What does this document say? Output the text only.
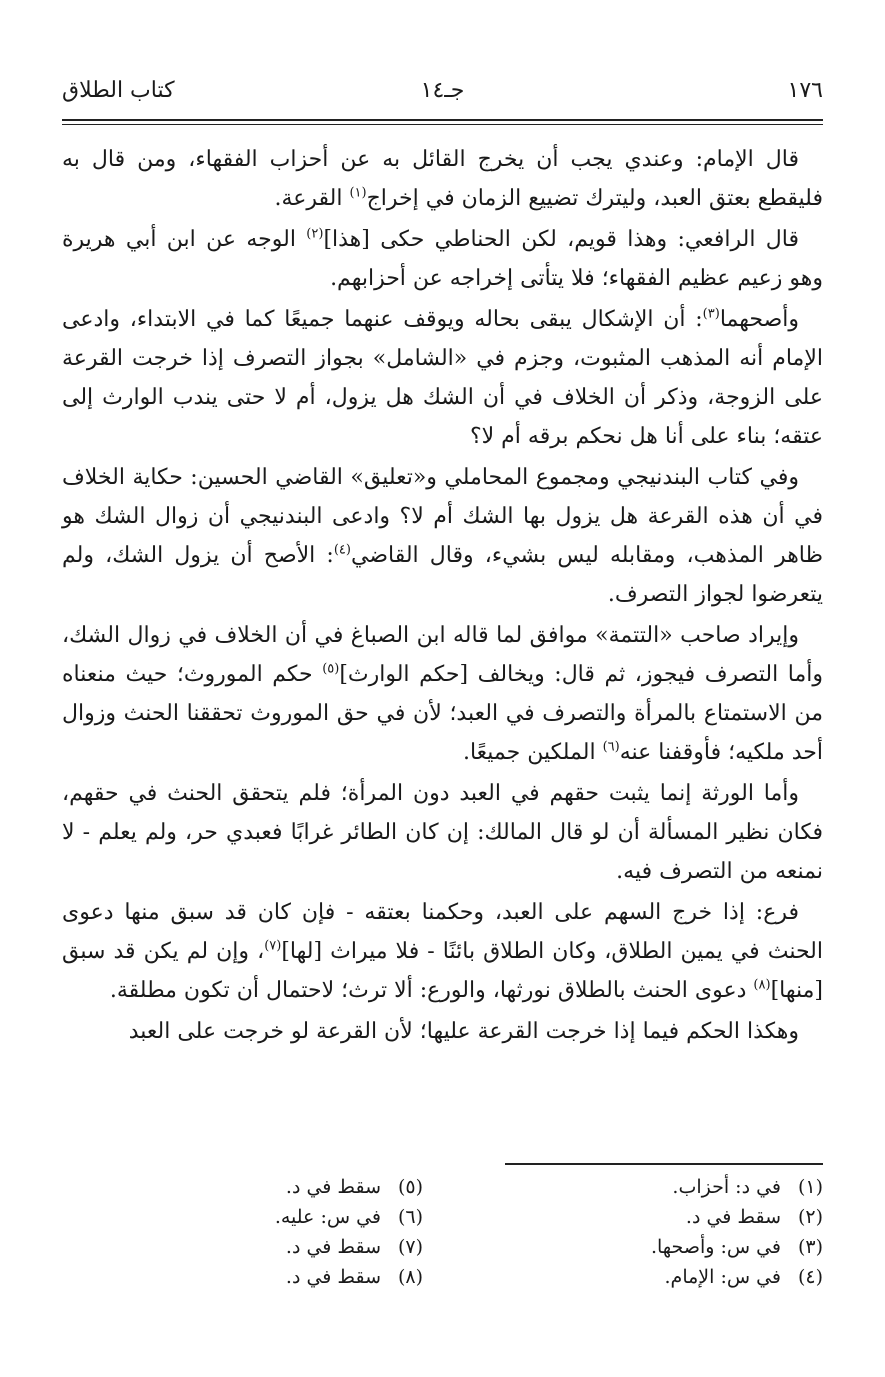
١٧٦
جـ١٤
كتاب الطلاق

قال الإمام: وعندي يجب أن يخرج القائل به عن أحزاب الفقهاء، ومن قال به فليقطع بعتق العبد، وليترك تضييع الزمان في إخراج$^{(١)}$ القرعة.

قال الرافعي: وهذا قويم، لكن الحناطي حكى [هذا]$^{(٢)}$ الوجه عن ابن أبي هريرة وهو زعيم عظيم الفقهاء؛ فلا يتأتى إخراجه عن أحزابهم.

وأصحهما$^{(٣)}$: أن الإشكال يبقى بحاله ويوقف عنهما جميعًا كما في الابتداء، وادعى الإمام أنه المذهب المثبوت، وجزم في «الشامل» بجواز التصرف إذا خرجت القرعة على الزوجة، وذكر أن الخلاف في أن الشك هل يزول، أم لا حتى يندب الوارث إلى عتقه؛ بناء على أنا هل نحكم برقه أم لا؟

وفي كتاب البندنيجي ومجموع المحاملي و«تعليق» القاضي الحسين: حكاية الخلاف في أن هذه القرعة هل يزول بها الشك أم لا؟ وادعى البندنيجي أن زوال الشك هو ظاهر المذهب، ومقابله ليس بشيء، وقال القاضي$^{(٤)}$: الأصح أن يزول الشك، ولم يتعرضوا لجواز التصرف.

وإيراد صاحب «التتمة» موافق لما قاله ابن الصباغ في أن الخلاف في زوال الشك، وأما التصرف فيجوز، ثم قال: ويخالف [حكم الوارث]$^{(٥)}$ حكم الموروث؛ حيث منعناه من الاستمتاع بالمرأة والتصرف في العبد؛ لأن في حق الموروث تحققنا الحنث وزوال أحد ملكيه؛ فأوقفنا عنه$^{(٦)}$ الملكين جميعًا.

وأما الورثة إنما يثبت حقهم في العبد دون المرأة؛ فلم يتحقق الحنث في حقهم، فكان نظير المسألة أن لو قال المالك: إن كان الطائر غرابًا فعبدي حر، ولم يعلم - لا نمنعه من التصرف فيه.

فرع: إذا خرج السهم على العبد، وحكمنا بعتقه - فإن كان قد سبق منها دعوى الحنث في يمين الطلاق، وكان الطلاق بائنًا - فلا ميراث [لها]$^{(٧)}$، وإن لم يكن قد سبق [منها]$^{(٨)}$ دعوى الحنث بالطلاق نورثها، والورع: ألا ترث؛ لاحتمال أن تكون مطلقة.

وهكذا الحكم فيما إذا خرجت القرعة عليها؛ لأن القرعة لو خرجت على العبد

(١)في د: أحزاب.
(٢)سقط في د.
(٣)في س: وأصحها.
(٤)في س: الإمام.
(٥)سقط في د.
(٦)في س: عليه.
(٧)سقط في د.
(٨)سقط في د.
